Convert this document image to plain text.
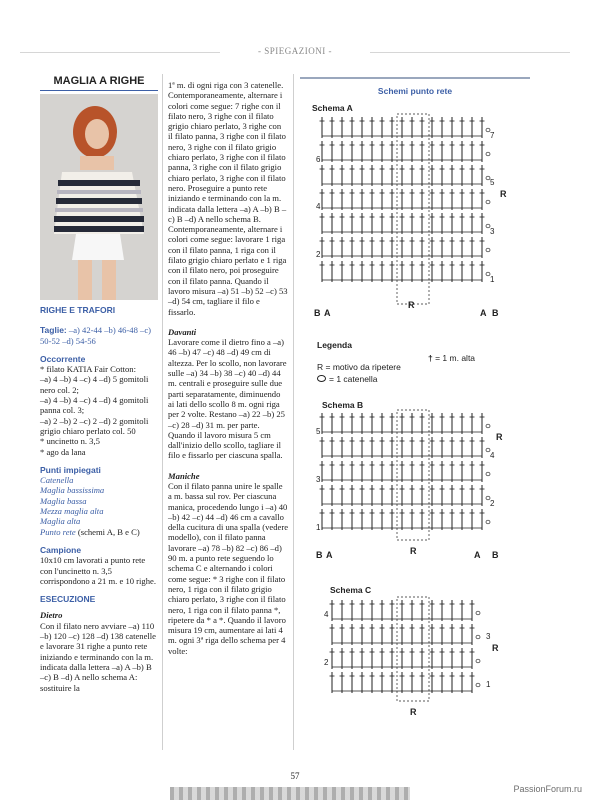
- SPIEGAZIONI -
MAGLIA A RIGHE

RIGHE E TRAFORI

Taglie: –a) 42-44 –b) 46-48 –c) 50-52 –d) 54-56

Occorrente

* filato KATIA Fair Cotton:

–a) 4 –b) 4 –c) 4 –d) 5 gomitoli nero col. 2;

–a) 4 –b) 4 –c) 4 –d) 4 gomitoli panna col. 3;

–a) 2 –b) 2 –c) 2 –d) 2 gomitoli grigio chiaro perlato col. 50

* uncinetto n. 3,5

* ago da lana

Punti impiegati

Catenella

Maglia bassissima

Maglia bassa

Mezza maglia alta

Maglia alta

Punto rete (schemi A, B e C)

Campione

10x10 cm lavorati a punto rete con l'uncinetto n. 3,5 corrispondono a 21 m. e 10 righe.

ESECUZIONE

Dietro

Con il filato nero avviare –a) 110 –b) 120 –c) 128 –d) 138 catenelle e lavorare 31 righe a punto rete iniziando e terminando con la m. indicata dalla lettera –a) A –b) B –c) B –d) A nello schema A: sostituire la

1ª m. di ogni riga con 3 catenelle. Contemporaneamente, alternare i colori come segue: 7 righe con il filato nero, 3 righe con il filato grigio chiaro perlato, 3 righe con il filato panna, 3 righe con il filato nero, 3 righe con il filato grigio chiaro perlato, 3 righe con il filato panna, 3 righe con il filato grigio chiaro perlato, 3 righe con il filato nero. Proseguire a punto rete iniziando e terminando con la m. indicata dalla lettera –a) A –b) B –c) B –d) A nello schema B. Contemporaneamente, alternare i colori come segue: lavorare 1 riga con il filato panna, 1 riga con il filato grigio chiaro perlato e 1 riga con il filato nero, poi proseguire con il filato panna. Quando il lavoro misura –a) 51 –b) 52 –c) 53 –d) 54 cm, tagliare il filo e fissarlo.

Davanti

Lavorare come il dietro fino a –a) 46 –b) 47 –c) 48 –d) 49 cm di altezza. Per lo scollo, non lavorare sulle –a) 34 –b) 38 –c) 40 –d) 44 m. centrali e proseguire sulle due parti separatamente, diminuendo ai lati dello scollo 8 m. ogni riga per 2 volte. Restano –a) 22 –b) 25 –c) 28 –d) 31 m. per parte. Quando il lavoro misura 5 cm dall'inizio dello scollo, tagliare il filo e fissarlo per ciascuna spalla.

Maniche

Con il filato panna unire le spalle a m. bassa sul rov. Per ciascuna manica, procedendo lungo i –a) 40 –b) 42 –c) 44 –d) 46 cm a cavallo della cucitura di una spalla (vedere modello), con il filato panna lavorare –a) 78 –b) 82 –c) 86 –d) 90 m. a punto rete seguendo lo schema C e alternando i colori come segue: * 3 righe con il filato nero, 1 riga con il filato grigio chiaro perlato, 3 righe con il filato nero, 1 riga con il filato panna *, ripetere da * a *. Quando il lavoro misura 19 cm, aumentare ai lati 4 m. ogni 3ª riga dello schema per 4 volte:

Schemi punto rete
Schema A
1
2
3
4
5
6
7
R
R
B A	A B
Legenda
R = motivo da ripetere
= 1 catenella
† = 1 m. alta
Schema B
1
2
3
4
5
R
R
B A	A B
Schema C
1
2
3
4
R
R
57
PassionForum.ru
